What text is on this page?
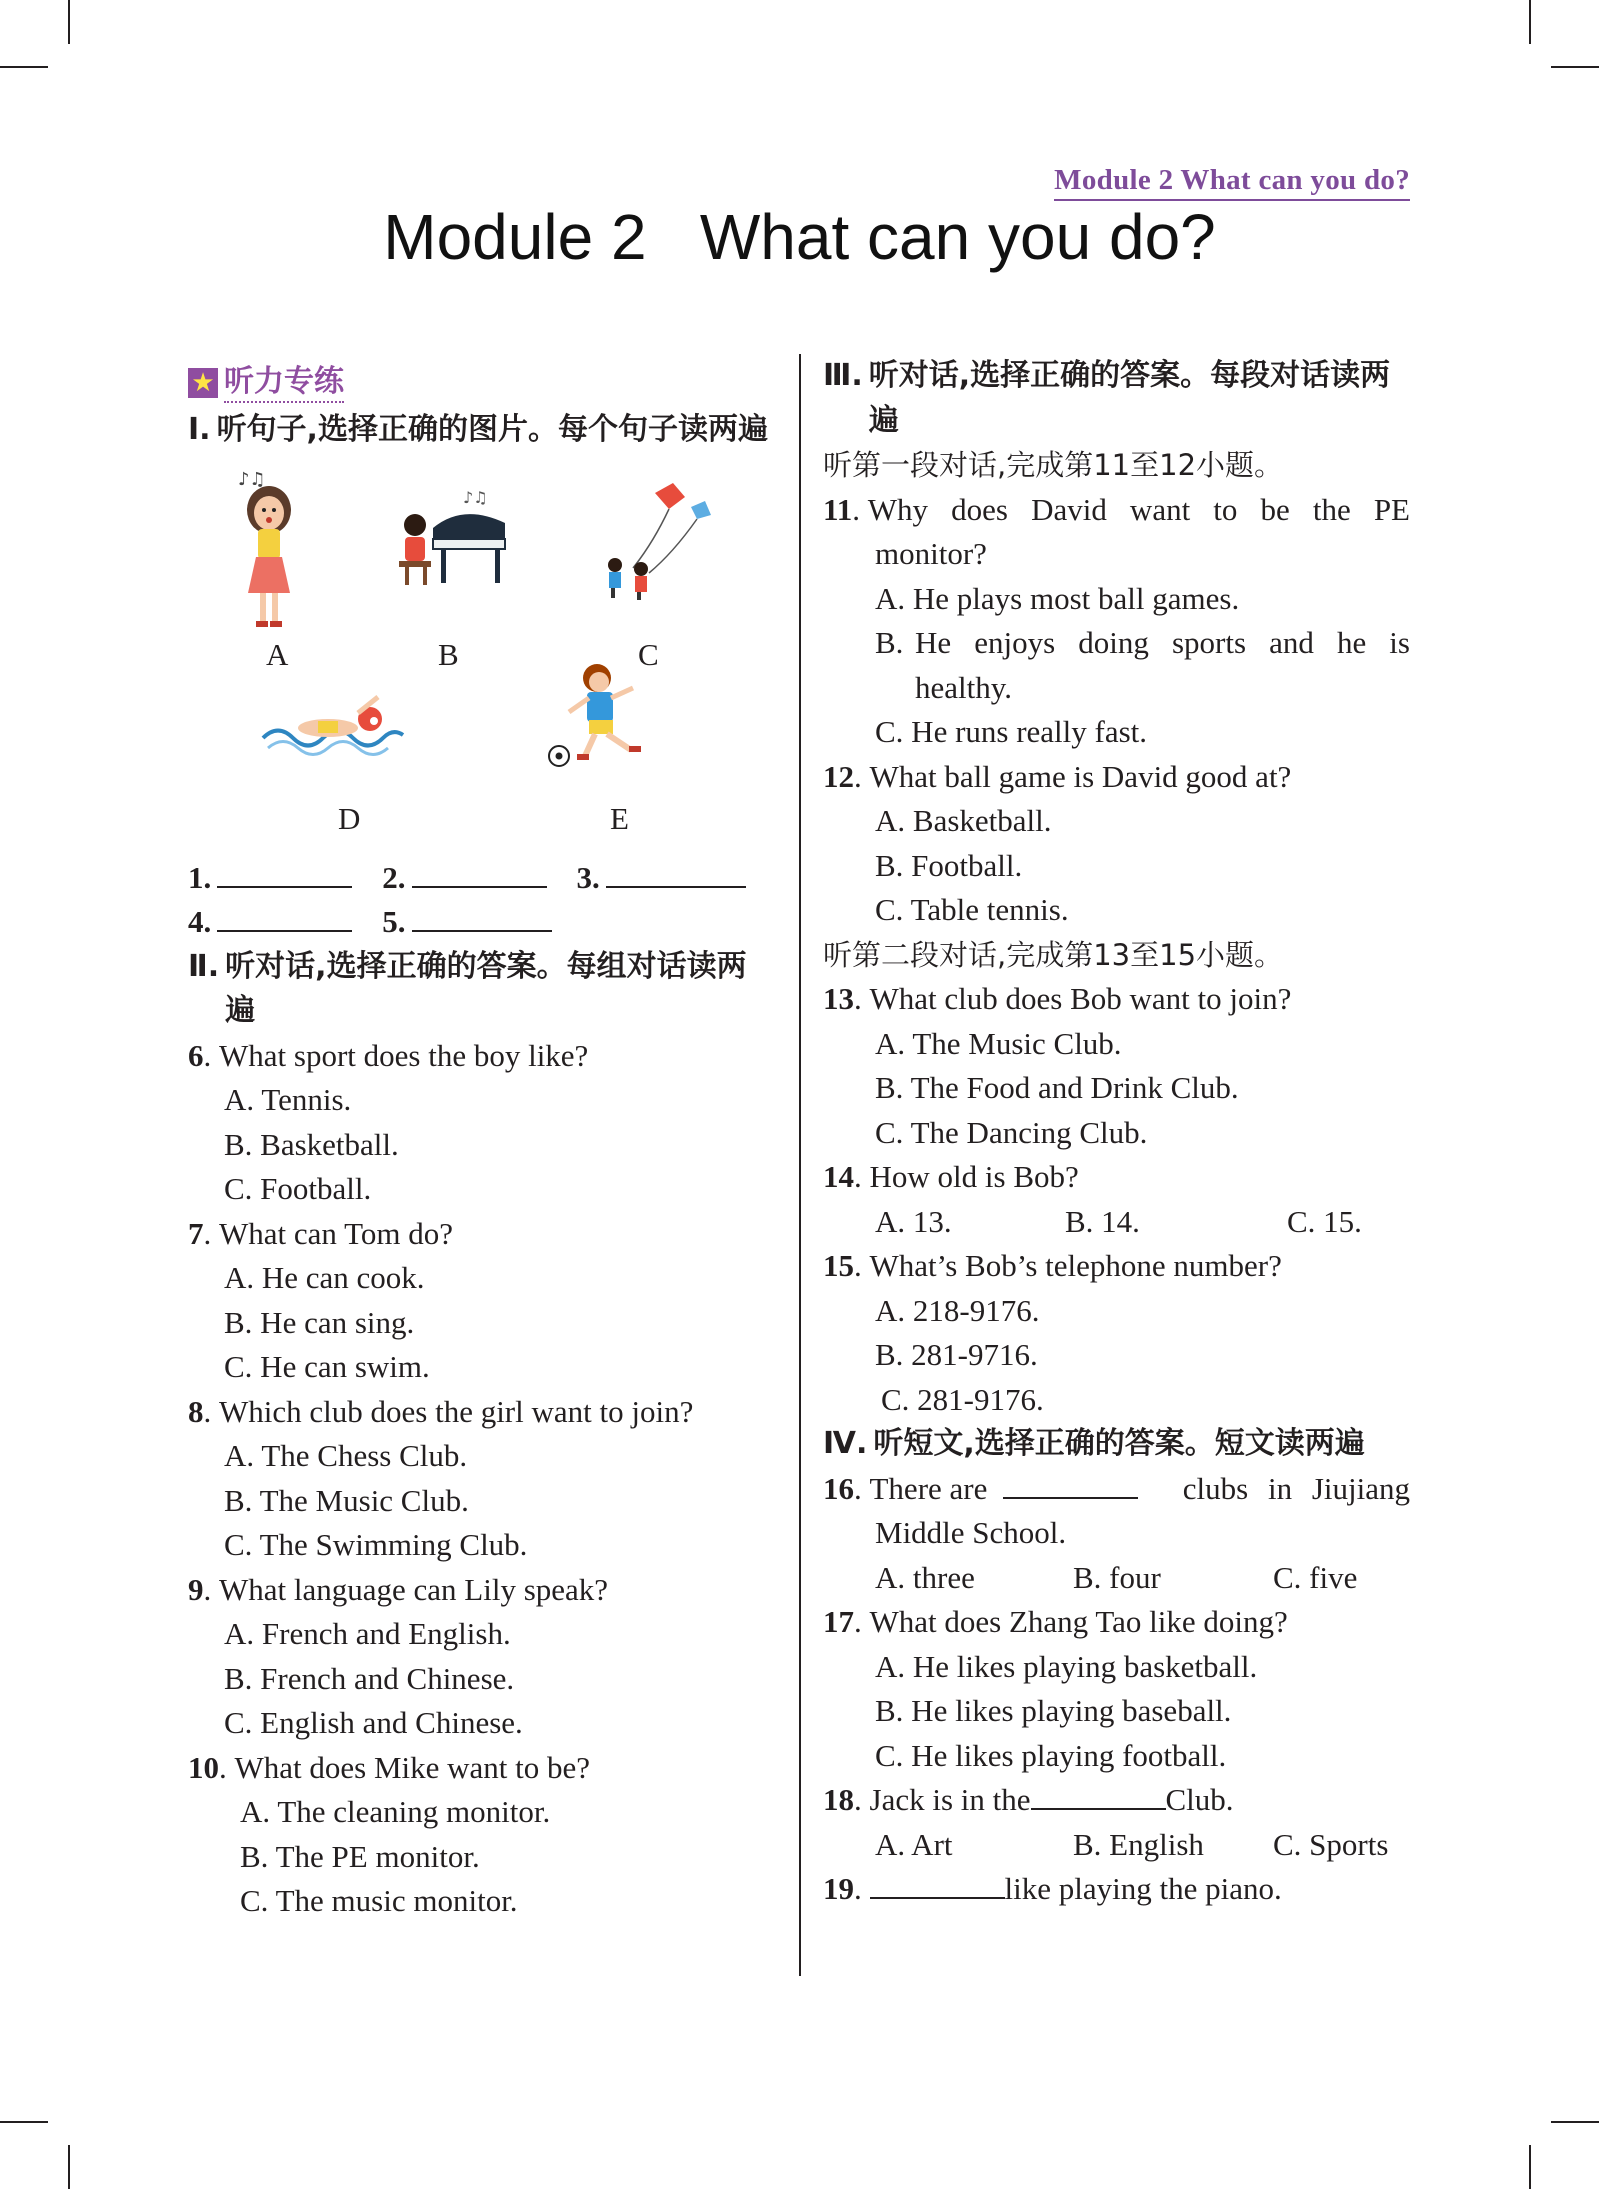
Module 2 What can you do?
Module 2   What can you do?
★ 听力专练
Ⅰ. 听句子,选择正确的图片。每个句子读两遍
♪♫
♪♫
A	B	C
D	E
1.	2.	3.
4.	5.
Ⅱ. 听对话,选择正确的答案。每组对话读两遍
6 . What sport does the boy like?
A. Tennis.
B. Basketball.
C. Football.
7 . What can Tom do?
A. He can cook.
B. He can sing.
C. He can swim.
8 . Which club does the girl want to join?
A. The Chess Club.
B. The Music Club.
C. The Swimming Club.
9 . What language can Lily speak?
A. French and English.
B. French and Chinese.
C. English and Chinese.
10 . What does Mike want to be?
A. The cleaning monitor.
B. The PE monitor.
C. The music monitor.
Ⅲ. 听对话,选择正确的答案。每段对话读两遍
听第一段对话,完成第11至12小题。
11 . Why does David want to be the PE
monitor?
A. He plays most ball games.
B. He enjoys doing sports and he is healthy.
C. He runs really fast.
12 . What ball game is David good at?
A. Basketball.
B. Football.
C. Table tennis.
听第二段对话,完成第13至15小题。
13 . What club does Bob want to join?
A. The Music Club.
B. The Food and Drink Club.
C. The Dancing Club.
14 . How old is Bob?
A. 13.	B. 14.	C. 15.
15 . What’s Bob’s telephone number?
A. 218-9176.
B. 281-9716.
C. 281-9176.
Ⅳ. 听短文,选择正确的答案。短文读两遍
16. There are	clubs in Jiujiang
Middle School.
A. three	B. four	C. five
17 . What does Zhang Tao like doing?
A. He likes playing basketball.
B. He likes playing baseball.
C. He likes playing football.
18 . Jack is in the	Club.
A. Art	B. English	C. Sports
19 .	like playing the piano.
